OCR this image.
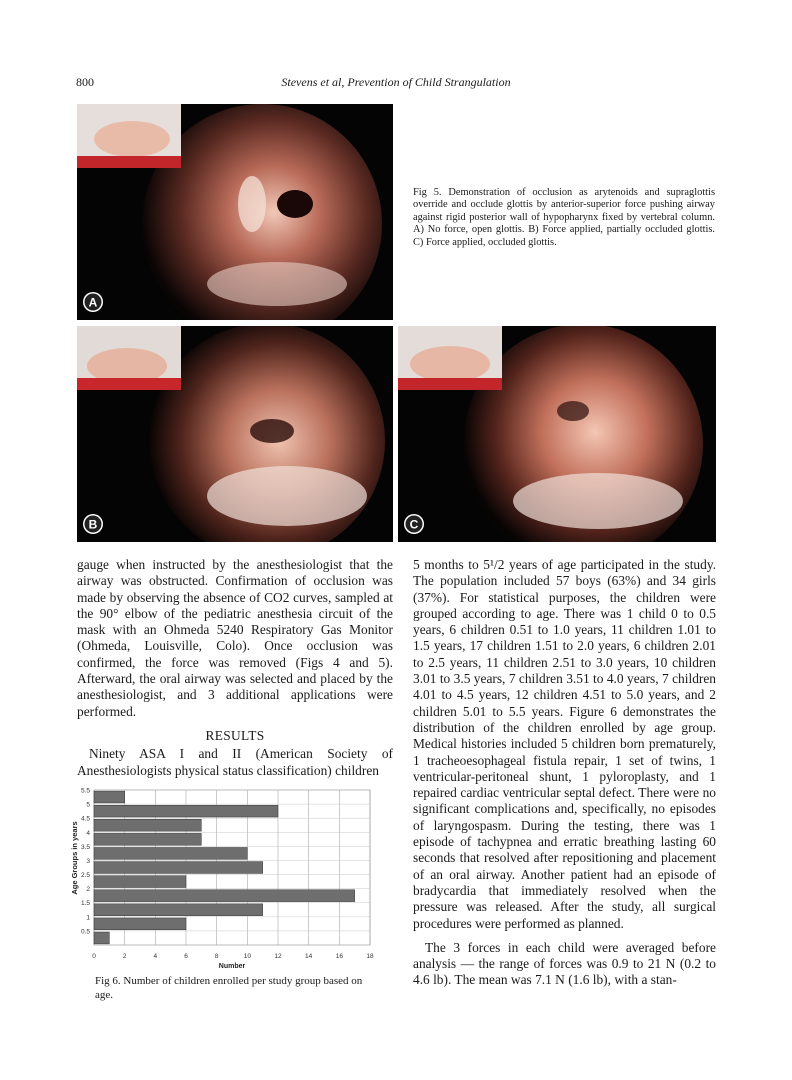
800	Stevens et al, Prevention of Child Strangulation
A
Fig 5. Demonstration of occlusion as arytenoids and supraglottis override and occlude glottis by anterior-superior force pushing airway against rigid posterior wall of hypopharynx fixed by vertebral column. A) No force, open glottis. B) Force applied, partially occluded glottis. C) Force applied, occluded glottis.
B	C

gauge when instructed by the anesthesiologist that the airway was obstructed. Confirmation of occlusion was made by observing the absence of CO2 curves, sampled at the 90° elbow of the pediatric anesthesia circuit of the mask with an Ohmeda 5240 Respiratory Gas Monitor (Ohmeda, Louisville, Colo). Once occlusion was confirmed, the force was removed (Figs 4 and 5). Afterward, the oral airway was selected and placed by the anesthesiologist, and 3 additional applications were performed.

RESULTS

Ninety ASA I and II (American Society of Anesthesiologists physical status classification) children

0.5
1
1.5
2
2.5
3
3.5
4
4.5
5
5.5
0	2	4	6	8	10	12	14	16	18
Number
Age Groups in years
Fig 6. Number of children enrolled per study group based on age.

5 months to 5¹/2 years of age participated in the study. The population included 57 boys (63%) and 34 girls (37%). For statistical purposes, the children were grouped according to age. There was 1 child 0 to 0.5 years, 6 children 0.51 to 1.0 years, 11 children 1.01 to 1.5 years, 17 children 1.51 to 2.0 years, 6 children 2.01 to 2.5 years, 11 children 2.51 to 3.0 years, 10 children 3.01 to 3.5 years, 7 children 3.51 to 4.0 years, 7 children 4.01 to 4.5 years, 12 children 4.51 to 5.0 years, and 2 children 5.01 to 5.5 years. Figure 6 demonstrates the distribution of the children enrolled by age group. Medical histories included 5 children born prematurely, 1 tracheoesophageal fistula repair, 1 set of twins, 1 ventricular-peritoneal shunt, 1 pyloroplasty, and 1 repaired cardiac ventricular septal defect. There were no significant complications and, specifically, no episodes of laryngospasm. During the testing, there was 1 episode of tachypnea and erratic breathing lasting 60 seconds that resolved after repositioning and placement of an oral airway. Another patient had an episode of bradycardia that immediately resolved when the pressure was released. After the study, all surgical procedures were performed as planned.

The 3 forces in each child were averaged before analysis — the range of forces was 0.9 to 21 N (0.2 to 4.6 lb). The mean was 7.1 N (1.6 lb), with a stan-
